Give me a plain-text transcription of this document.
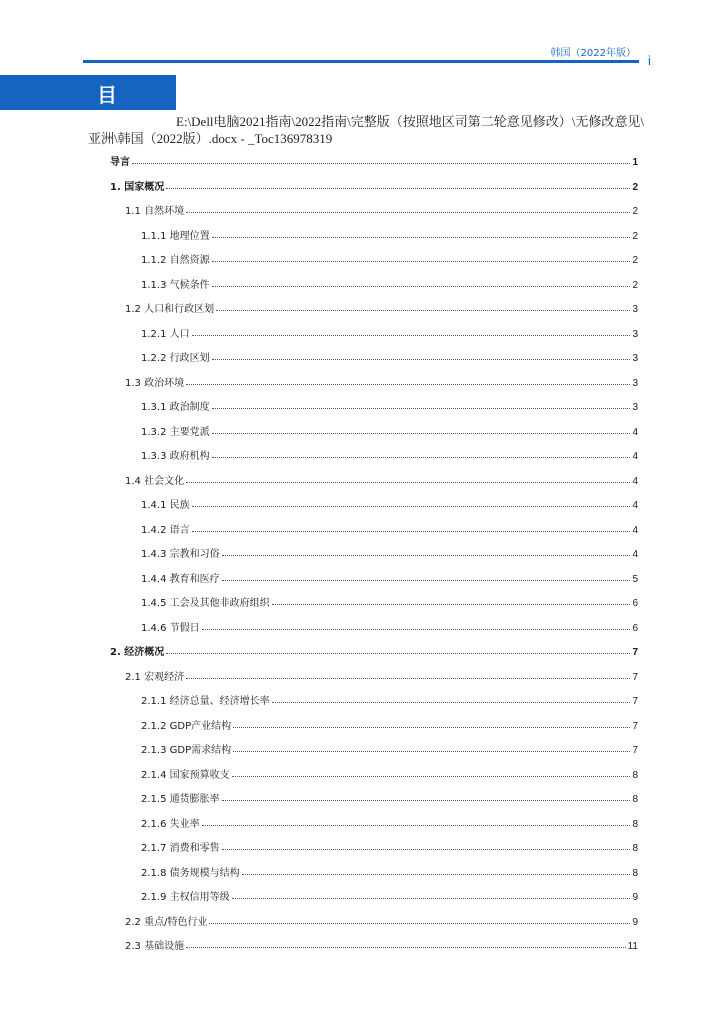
韩国（2022年版） i
目 录	E:\Dell电脑2021指南\2022指南\完整版（按照地区司第二轮意见修改）\无修改意见\
亚洲\韩国（2022版）.docx - _Toc136978319
导言	1
1. 国家概况	2
1.1 自然环境	2
1.1.1 地理位置	2
1.1.2 自然资源	2
1.1.3 气候条件	2
1.2 人口和行政区划	3
1.2.1 人口	3
1.2.2 行政区划	3
1.3 政治环境	3
1.3.1 政治制度	3
1.3.2 主要党派	4
1.3.3 政府机构	4
1.4 社会文化	4
1.4.1 民族	4
1.4.2 语言	4
1.4.3 宗教和习俗	4
1.4.4 教育和医疗	5
1.4.5 工会及其他非政府组织	6
1.4.6 节假日	6
2. 经济概况	7
2.1 宏观经济	7
2.1.1 经济总量、经济增长率	7
2.1.2 GDP产业结构	7
2.1.3 GDP需求结构	7
2.1.4 国家预算收支	8
2.1.5 通货膨胀率	8
2.1.6 失业率	8
2.1.7 消费和零售	8
2.1.8 债务规模与结构	8
2.1.9 主权信用等级	9
2.2 重点/特色行业	9
2.3 基础设施	11
